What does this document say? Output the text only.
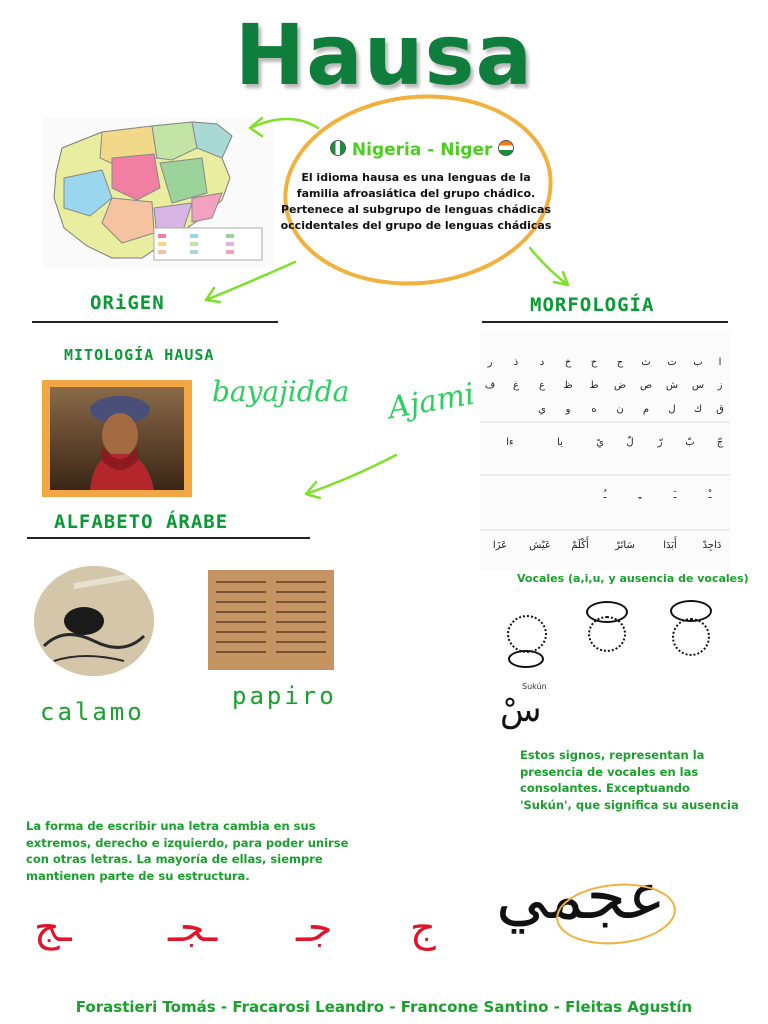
Hausa
Nigeria - Niger
El idioma hausa es una lenguas de la familia afroasiática del grupo chádico. Pertenece al subgrupo de lenguas chádicas occidentales del grupo de lenguas chádicas
ORiGEN
MITOLOGÍA HAUSA
bayajidda Ajami
ALFABETO ÁRABE
calamo
papiro
MORFOLOGÍA
ر ذ د خ ح ج ث ت ب ا
ف غ ع ظ ط ض ص ش س ز
ي و ه ن م ل ك ق
ءا	يا	يً لّ رّ بّ جّ
ـُ	ـِ	ـَ	ـْ
عَزَا عَيْش أَكْلَمْ	سَاتَرْ	أَبَدَا	دَاجِدْ
Vocales (a,i,u, y ausencia de vocales)
Sukún
سْ
Estos signos, representan la presencia de vocales en las consolantes. Exceptuando 'Sukún', que significa su ausencia
La forma de escribir una letra cambia en sus extremos, derecho e izquierdo, para poder unirse con otras letras. La mayoría de ellas, siempre mantienen parte de su estructura.
ـج ـجـ جـ ج عجمي
Forastieri Tomás - Fracarosi Leandro - Francone Santino - Fleitas Agustín
